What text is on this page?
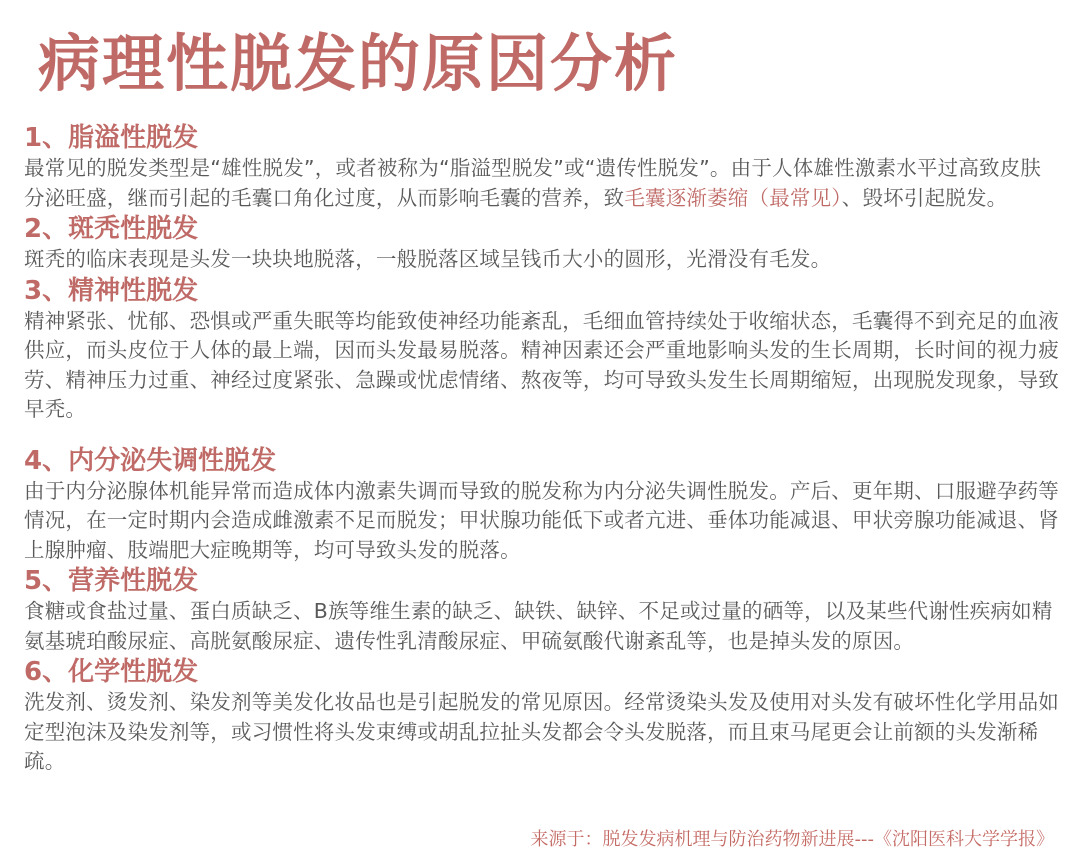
病理性脱发的原因分析
1、脂溢性脱发

最常见的脱发类型是“雄性脱发”，或者被称为“脂溢型脱发”或“遗传性脱发”。由于人体雄性激素水平过高致皮肤分泌旺盛，继而引起的毛囊口角化过度，从而影响毛囊的营养，致毛囊逐渐萎缩（最常见）、毁坏引起脱发。

2、斑秃性脱发

斑秃的临床表现是头发一块块地脱落，一般脱落区域呈钱币大小的圆形，光滑没有毛发。

3、精神性脱发

精神紧张、忧郁、恐惧或严重失眠等均能致使神经功能紊乱，毛细血管持续处于收缩状态，毛囊得不到充足的血液供应，而头皮位于人体的最上端，因而头发最易脱落。精神因素还会严重地影响头发的生长周期，长时间的视力疲劳、精神压力过重、神经过度紧张、急躁或忧虑情绪、熬夜等，均可导致头发生长周期缩短，出现脱发现象，导致早秃。

4、内分泌失调性脱发

由于内分泌腺体机能异常而造成体内激素失调而导致的脱发称为内分泌失调性脱发。产后、更年期、口服避孕药等情况，在一定时期内会造成雌激素不足而脱发；甲状腺功能低下或者亢进、垂体功能减退、甲状旁腺功能减退、肾上腺肿瘤、肢端肥大症晚期等，均可导致头发的脱落。

5、营养性脱发

食糖或食盐过量、蛋白质缺乏、B族等维生素的缺乏、缺铁、缺锌、不足或过量的硒等，以及某些代谢性疾病如精氨基琥珀酸尿症、高胱氨酸尿症、遗传性乳清酸尿症、甲硫氨酸代谢紊乱等，也是掉头发的原因。

6、化学性脱发

洗发剂、烫发剂、染发剂等美发化妆品也是引起脱发的常见原因。经常烫染头发及使用对头发有破坏性化学用品如定型泡沫及染发剂等，或习惯性将头发束缚或胡乱拉扯头发都会令头发脱落，而且束马尾更会让前额的头发渐稀疏。

来源于：脱发发病机理与防治药物新进展---《沈阳医科大学学报》
